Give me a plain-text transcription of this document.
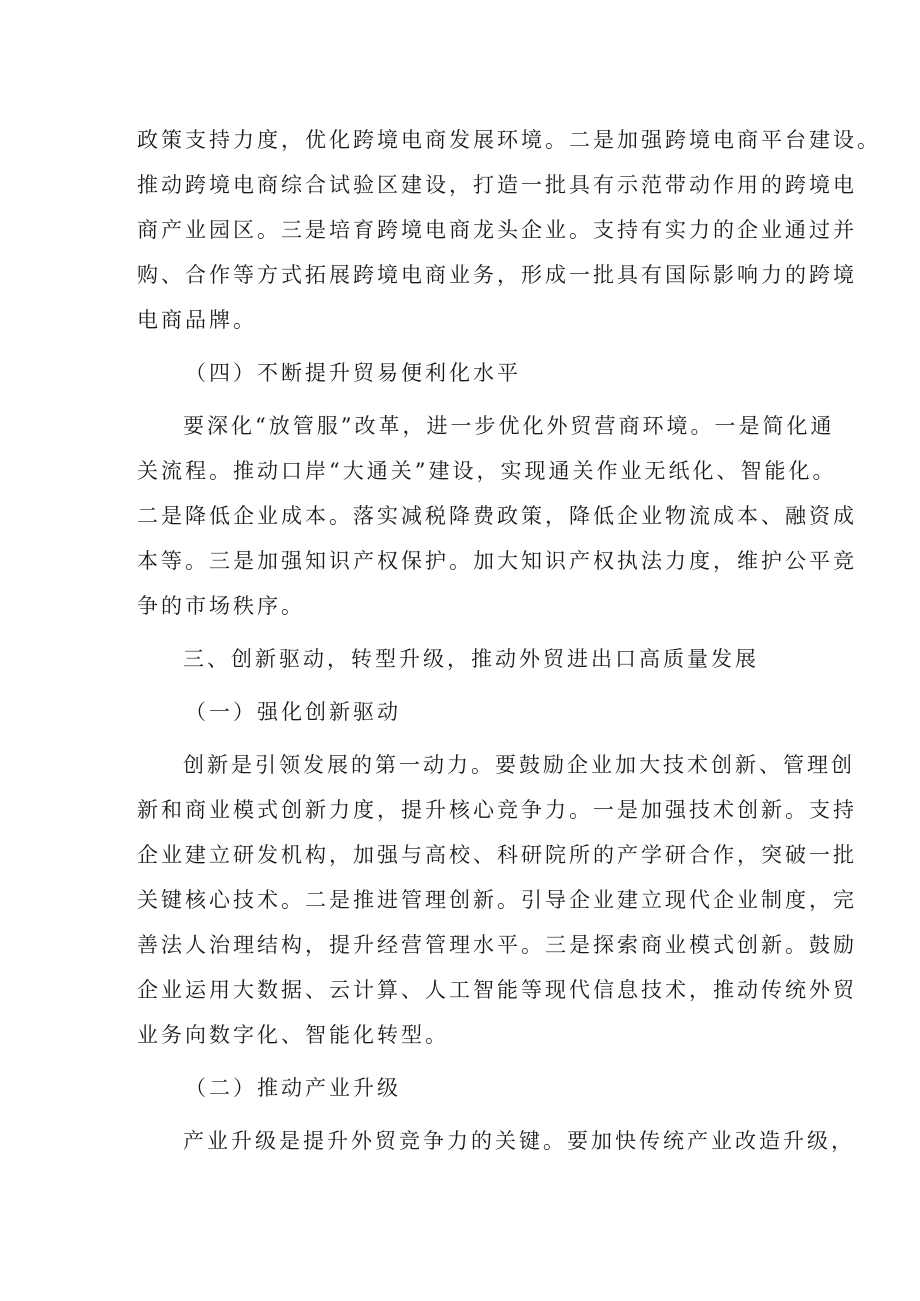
政策支持力度，优化跨境电商发展环境。二是加强跨境电商平台建设。
推动跨境电商综合试验区建设，打造一批具有示范带动作用的跨境电
商产业园区。三是培育跨境电商龙头企业。支持有实力的企业通过并
购、合作等方式拓展跨境电商业务，形成一批具有国际影响力的跨境
电商品牌。
（四）不断提升贸易便利化水平
要深化“放管服”改革，进一步优化外贸营商环境。一是简化通
关流程。推动口岸“大通关”建设，实现通关作业无纸化、智能化。
二是降低企业成本。落实减税降费政策，降低企业物流成本、融资成
本等。三是加强知识产权保护。加大知识产权执法力度，维护公平竞
争的市场秩序。
三、创新驱动，转型升级，推动外贸进出口高质量发展
（一）强化创新驱动
创新是引领发展的第一动力。要鼓励企业加大技术创新、管理创
新和商业模式创新力度，提升核心竞争力。一是加强技术创新。支持
企业建立研发机构，加强与高校、科研院所的产学研合作，突破一批
关键核心技术。二是推进管理创新。引导企业建立现代企业制度，完
善法人治理结构，提升经营管理水平。三是探索商业模式创新。鼓励
企业运用大数据、云计算、人工智能等现代信息技术，推动传统外贸
业务向数字化、智能化转型。
（二）推动产业升级
产业升级是提升外贸竞争力的关键。要加快传统产业改造升级，
